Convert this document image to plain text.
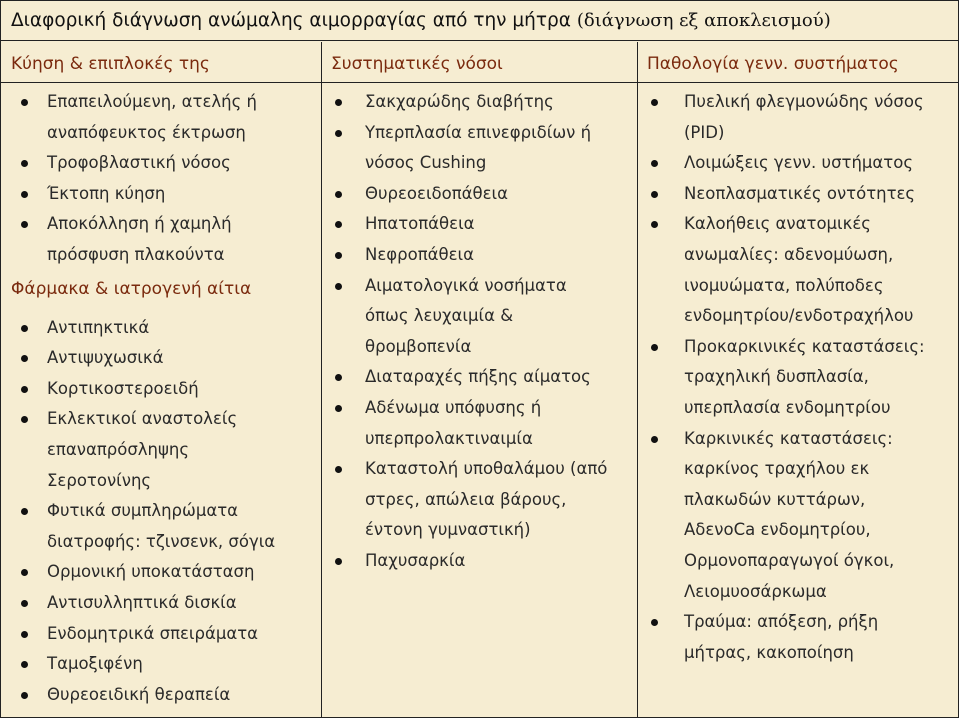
Διαφορική διάγνωση ανώμαλης αιμορραγίας από την μήτρα (διάγνωση εξ αποκλεισμού)
Κύηση & επιπλοκές της	Συστηματικές νόσοι	Παθολογία γενν. συστήματος
Επαπειλούμενη, ατελής ή
αναπόφευκτος έκτρωση
Τροφοβλαστική νόσος
Έκτοπη κύηση
Αποκόλληση ή χαμηλή
πρόσφυση πλακούντα
Φάρμακα & ιατρογενή αίτια
Αντιπηκτικά
Αντιψυχωσικά
Κορτικοστεροειδή
Εκλεκτικοί αναστολείς
επαναπρόσληψης
Σεροτονίνης
Φυτικά συμπληρώματα
διατροφής: τζινσενκ, σόγια
Ορμονική υποκατάσταση
Αντισυλληπτικά δισκία
Ενδομητρικά σπειράματα
Ταμοξιφένη
Θυρεοειδική θεραπεία
Σακχαρώδης διαβήτης
Υπερπλασία επινεφριδίων ή
νόσος Cushing
Θυρεοειδοπάθεια
Ηπατοπάθεια
Νεφροπάθεια
Αιματολογικά νοσήματα
όπως λευχαιμία &
θρομβοπενία
Διαταραχές πήξης αίματος
Αδένωμα υπόφυσης ή
υπερπρολακτιναιμία
Καταστολή υποθαλάμου (από
στρες, απώλεια βάρους,
έντονη γυμναστική)
Παχυσαρκία
Πυελική φλεγμονώδης νόσος
(PID)
Λοιμώξεις γενν. υστήματος
Νεοπλασματικές οντότητες
Καλοήθεις ανατομικές
ανωμαλίες: αδενομύωση,
ινομυώματα, πολύποδες
ενδομητρίου/ενδοτραχήλου
Προκαρκινικές καταστάσεις:
τραχηλική δυσπλασία,
υπερπλασία ενδομητρίου
Καρκινικές καταστάσεις:
καρκίνος τραχήλου εκ
πλακωδών κυττάρων,
ΑδενοCa ενδομητρίου,
Ορμονοπαραγωγοί όγκοι,
Λειομυοσάρκωμα
Τραύμα: απόξεση, ρήξη
μήτρας, κακοποίηση
